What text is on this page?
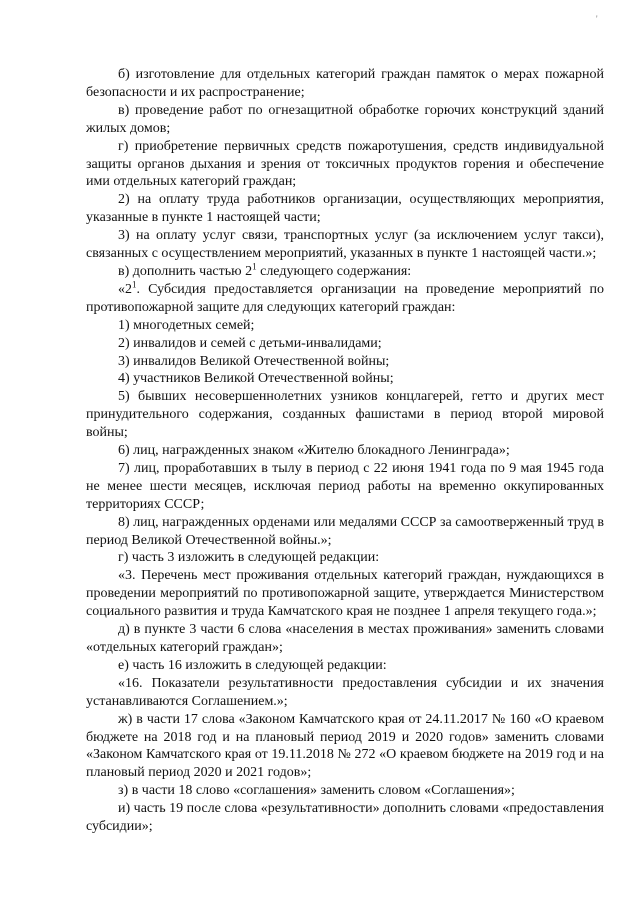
'

б) изготовление для отдельных категорий граждан памяток о мерах пожарной безопасности и их распространение;

в) проведение работ по огнезащитной обработке горючих конструкций зданий жилых домов;

г) приобретение первичных средств пожаротушения, средств индивидуальной защиты органов дыхания и зрения от токсичных продуктов горения и обеспечение ими отдельных категорий граждан;

2) на оплату труда работников организации, осуществляющих мероприятия, указанные в пункте 1 настоящей части;

3) на оплату услуг связи, транспортных услуг (за исключением услуг такси), связанных с осуществлением мероприятий, указанных в пункте 1 настоящей части.»;

в) дополнить частью $2^1$ следующего содержания:

«$2^1$. Субсидия предоставляется организации на проведение мероприятий по противопожарной защите для следующих категорий граждан:

1) многодетных семей;

2) инвалидов и семей с детьми-инвалидами;

3) инвалидов Великой Отечественной войны;

4) участников Великой Отечественной войны;

5) бывших несовершеннолетних узников концлагерей, гетто и других мест принудительного содержания, созданных фашистами в период второй мировой войны;

6) лиц, награжденных знаком «Жителю блокадного Ленинграда»;

7) лиц, проработавших в тылу в период с 22 июня 1941 года по 9 мая 1945 года не менее шести месяцев, исключая период работы на временно оккупированных территориях СССР;

8) лиц, награжденных орденами или медалями СССР за самоотверженный труд в период Великой Отечественной войны.»;

г) часть 3 изложить в следующей редакции:

«3. Перечень мест проживания отдельных категорий граждан, нуждающихся в проведении мероприятий по противопожарной защите, утверждается Министерством социального развития и труда Камчатского края не позднее 1 апреля текущего года.»;

д) в пункте 3 части 6 слова «населения в местах проживания» заменить словами «отдельных категорий граждан»;

е) часть 16 изложить в следующей редакции:

«16. Показатели результативности предоставления субсидии и их значения устанавливаются Соглашением.»;

ж) в части 17 слова «Законом Камчатского края от 24.11.2017 № 160 «О краевом бюджете на 2018 год и на плановый период 2019 и 2020 годов» заменить словами «Законом Камчатского края от 19.11.2018 № 272 «О краевом бюджете на 2019 год и на плановый период 2020 и 2021 годов»;

з) в части 18 слово «соглашения» заменить словом «Соглашения»;

и) часть 19 после слова «результативности» дополнить словами «предоставления субсидии»;
